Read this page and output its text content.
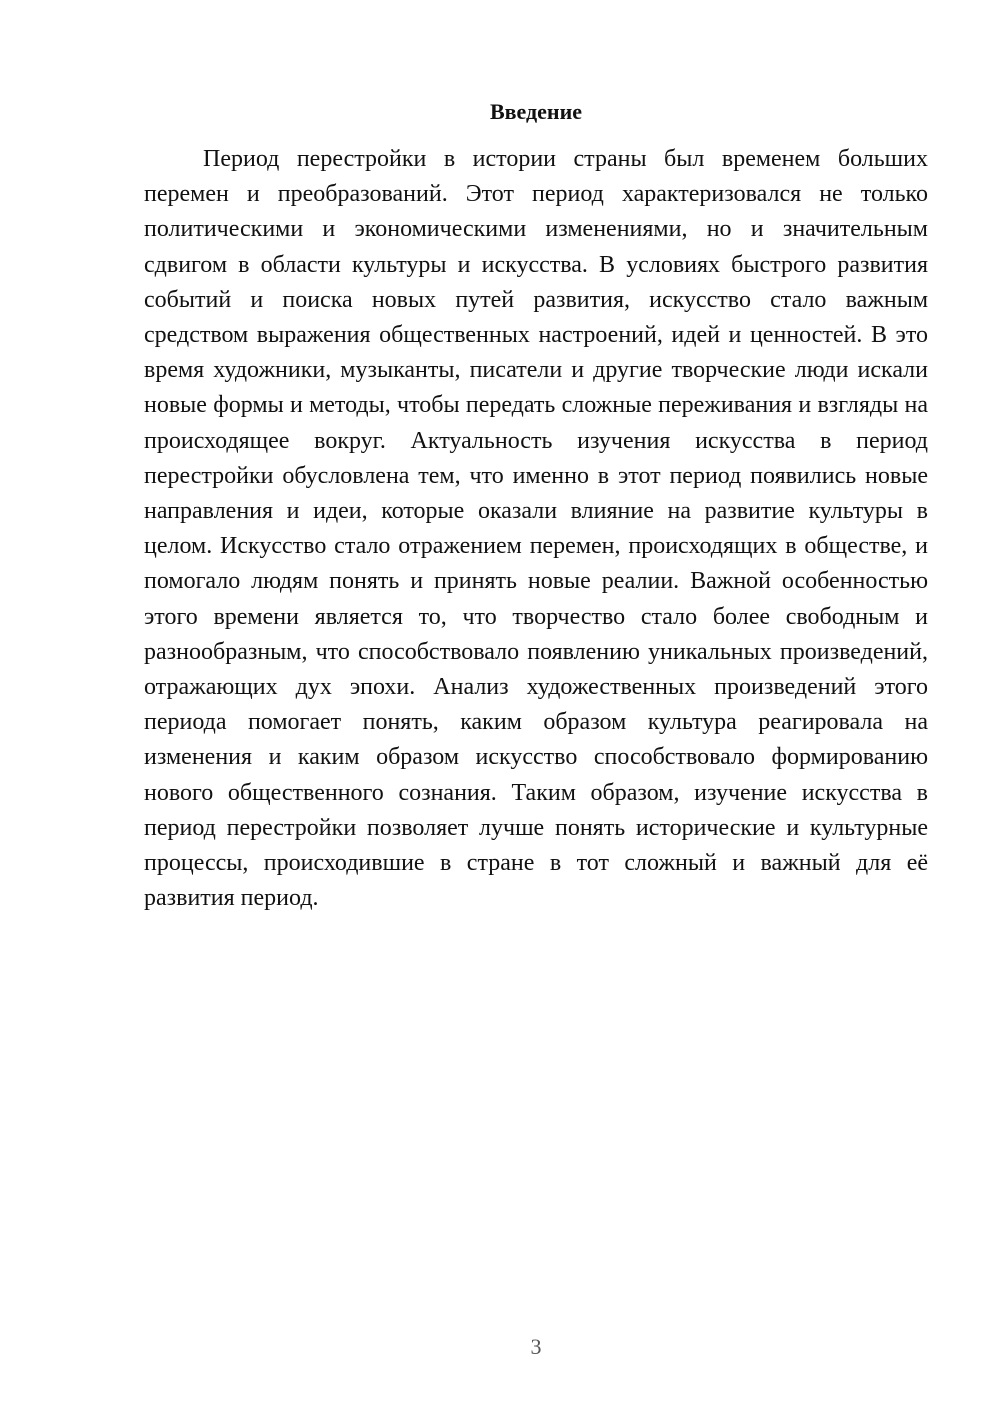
Введение

Период перестройки в истории страны был временем больших перемен и преобразований. Этот период характеризовался не только политическими и экономическими изменениями, но и значительным сдвигом в области культуры и искусства. В условиях быстрого развития событий и поиска новых путей развития, искусство стало важным средством выражения общественных настроений, идей и ценностей. В это время художники, музыканты, писатели и другие творческие люди искали новые формы и методы, чтобы передать сложные переживания и взгляды на происходящее вокруг. Актуальность изучения искусства в период перестройки обусловлена тем, что именно в этот период появились новые направления и идеи, которые оказали влияние на развитие культуры в целом. Искусство стало отражением перемен, происходящих в обществе, и помогало людям понять и принять новые реалии. Важной особенностью этого времени является то, что творчество стало более свободным и разнообразным, что способствовало появлению уникальных произведений, отражающих дух эпохи. Анализ художественных произведений этого периода помогает понять, каким образом культура реагировала на изменения и каким образом искусство способствовало формированию нового общественного сознания. Таким образом, изучение искусства в период перестройки позволяет лучше понять исторические и культурные процессы, происходившие в стране в тот сложный и важный для её развития период.

3
